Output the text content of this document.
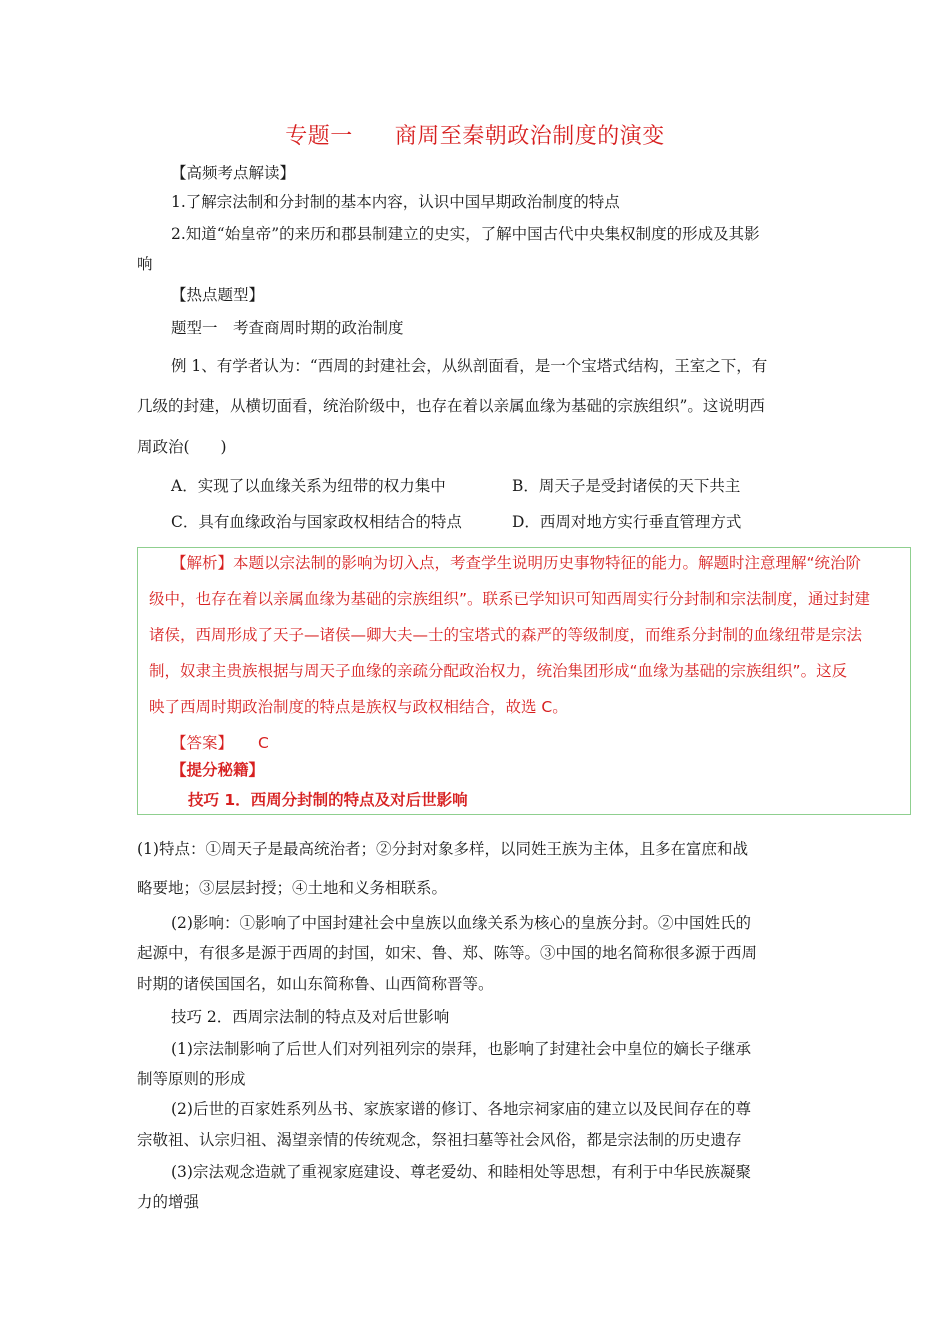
专题一 商周至秦朝政治制度的演变
【高频考点解读】
1.了解宗法制和分封制的基本内容，认识中国早期政治制度的特点
2.知道“始皇帝”的来历和郡县制建立的史实，了解中国古代中央集权制度的形成及其影
响
【热点题型】
题型一　考查商周时期的政治制度
例 1、有学者认为：“西周的封建社会，从纵剖面看，是一个宝塔式结构，王室之下，有
几级的封建，从横切面看，统治阶级中，也存在着以亲属血缘为基础的宗族组织”。这说明西
周政治(　　)
A．实现了以血缘关系为纽带的权力集中	B．周天子是受封诸侯的天下共主
C．具有血缘政治与国家政权相结合的特点	D．西周对地方实行垂直管理方式
【解析】本题以宗法制的影响为切入点，考查学生说明历史事物特征的能力。解题时注意理解“统治阶
级中，也存在着以亲属血缘为基础的宗族组织”。联系已学知识可知西周实行分封制和宗法制度，通过封建
诸侯，西周形成了天子—诸侯—卿大夫—士的宝塔式的森严的等级制度，而维系分封制的血缘纽带是宗法
制，奴隶主贵族根据与周天子血缘的亲疏分配政治权力，统治集团形成“血缘为基础的宗族组织”。这反
映了西周时期政治制度的特点是族权与政权相结合，故选 C。
【答案】 C
【提分秘籍】
技巧 1．西周分封制的特点及对后世影响
(1)特点：①周天子是最高统治者；②分封对象多样，以同姓王族为主体，且多在富庶和战
略要地；③层层封授；④土地和义务相联系。
(2)影响：①影响了中国封建社会中皇族以血缘关系为核心的皇族分封。②中国姓氏的
起源中，有很多是源于西周的封国，如宋、鲁、郑、陈等。③中国的地名简称很多源于西周
时期的诸侯国国名，如山东简称鲁、山西简称晋等。
技巧 2．西周宗法制的特点及对后世影响
(1)宗法制影响了后世人们对列祖列宗的崇拜，也影响了封建社会中皇位的嫡长子继承
制等原则的形成
(2)后世的百家姓系列丛书、家族家谱的修订、各地宗祠家庙的建立以及民间存在的尊
宗敬祖、认宗归祖、渴望亲情的传统观念，祭祖扫墓等社会风俗，都是宗法制的历史遗存
(3)宗法观念造就了重视家庭建设、尊老爱幼、和睦相处等思想，有利于中华民族凝聚
力的增强
